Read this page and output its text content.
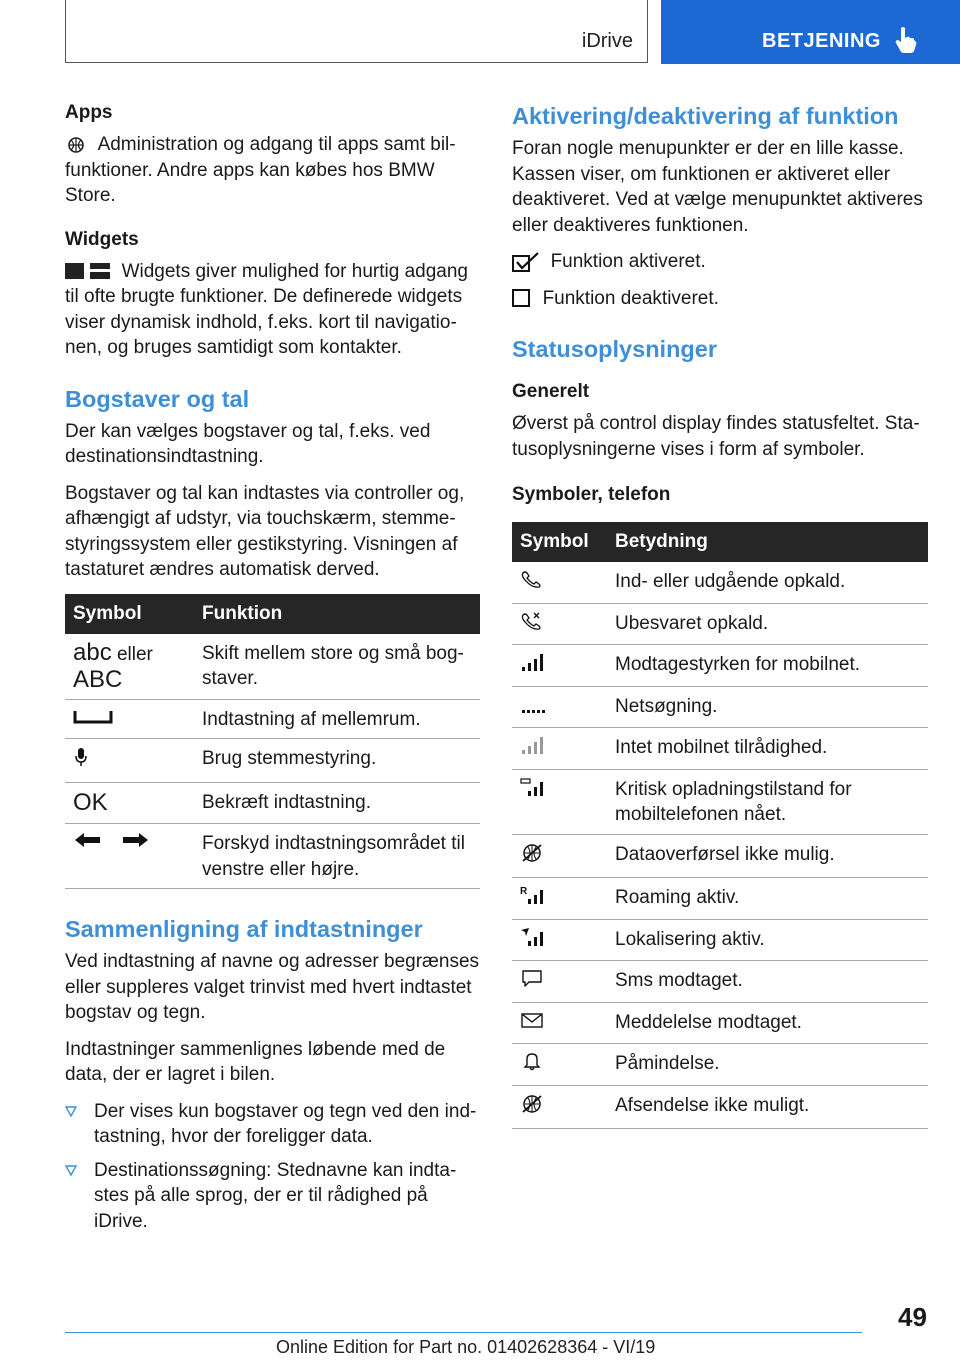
iDrive	BETJENING
Apps

Administration og adgang til apps samt bilfunktioner. Andre apps kan købes hos BMW Store.

Widgets

Widgets giver mulighed for hurtig adgang til ofte brugte funktioner. De definerede widgets viser dynamisk indhold, f.eks. kort til navigationen, og bruges samtidigt som kontakter.

Bogstaver og tal

Der kan vælges bogstaver og tal, f.eks. ved destinationsindtastning.

Bogstaver og tal kan indtastes via controller og, afhængigt af udstyr, via touchskærm, stemmestyringssystem eller gestikstyring. Visningen af tastaturet ændres automatisk derved.

Symbol	Funktion

abc eller
ABC	Skift mellem store og små bogstaver.
	Indtastning af mellemrum.
	Brug stemmestyring.
OK	Bekræft indtastning.
	Forskyd indtastningsområdet til venstre eller højre.
Sammenligning af indtastninger

Ved indtastning af navne og adresser begrænses eller suppleres valget trinvist med hvert indtastet bogstav og tegn.

Indtastninger sammenlignes løbende med de data, der er lagret i bilen.

Der vises kun bogstaver og tegn ved den indtastning, hvor der foreligger data.
Destinationssøgning: Stednavne kan indtastes på alle sprog, der er til rådighed på iDrive.
Aktivering/deaktivering af funktion

Foran nogle menupunkter er der en lille kasse. Kassen viser, om funktionen er aktiveret eller deaktiveret. Ved at vælge menupunktet aktiveres eller deaktiveres funktionen.

Funktion aktiveret.

Funktion deaktiveret.

Statusoplysninger
Generelt

Øverst på control display findes statusfeltet. Statusoplysningerne vises i form af symboler.

Symboler, telefon
Symbol	Betydning
	Ind- eller udgående opkald.
	Ubesvaret opkald.
	Modtagestyrken for mobilnet.
	Netsøgning.
	Intet mobilnet tilrådighed.
	Kritisk opladningstilstand for mobiltelefonen nået.
	Dataoverførsel ikke mulig.

R	Roaming aktiv.
	Lokalisering aktiv.
	Sms modtaget.
	Meddelelse modtaget.
	Påmindelse.
	Afsendelse ikke muligt.
49
Online Edition for Part no. 01402628364 - VI/19
